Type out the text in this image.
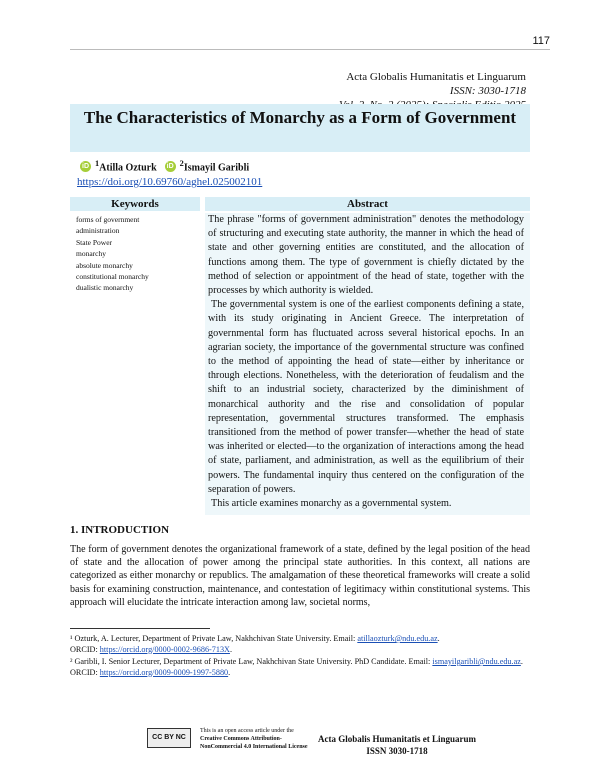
117
Acta Globalis Humanitatis et Linguarum
ISSN: 3030-1718
The Characteristics of Monarchy as a Form of Government
iD $^1$Atilla Ozturk iD $^2$Ismayil Garibli
https://doi.org/10.69760/aghel.025002101
Keywords	Abstract
forms of government
administration
State Power
monarchy
absolute monarchy
constitutional monarchy
dualistic monarchy

The phrase "forms of government administration" denotes the methodology of structuring and executing state authority, the manner in which the head of state and other governing entities are constituted, and the allocation of functions among them. The type of government is chiefly dictated by the method of selection or appointment of the head of state, together with the processes by which authority is wielded.

The governmental system is one of the earliest components defining a state, with its study originating in Ancient Greece. The interpretation of governmental form has fluctuated across several historical epochs. In an agrarian society, the importance of the governmental structure was confined to the method of appointing the head of state—either by inheritance or through elections. Nonetheless, with the deterioration of feudalism and the shift to an industrial society, characterized by the diminishment of monarchical authority and the rise and consolidation of popular representation, governmental structures transformed. The emphasis transitioned from the method of power transfer—whether the head of state was inherited or elected—to the organization of interactions among the head of state, parliament, and administration, as well as the equilibrium of their powers. The fundamental inquiry thus centered on the configuration of the separation of powers.

This article examines monarchy as a governmental system.

1. INTRODUCTION
The form of government denotes the organizational framework of a state, defined by the legal position of the head of state and the allocation of power among the principal state authorities. In this context, all nations are categorized as either monarchy or republics. The amalgamation of these theoretical frameworks will create a solid basis for examining construction, maintenance, and contestation of legitimacy within constitutional systems. This approach will elucidate the intricate interaction among law, societal norms,
¹ Ozturk, A. Lecturer, Department of Private Law, Nakhchivan State University. Email: atillaozturk@ndu.edu.az.
ORCID: https://orcid.org/0000-0002-9686-713X.
² Garibli, I. Senior Lecturer, Department of Private Law, Nakhchivan State University. PhD Candidate. Email: ismayilgaribli@ndu.edu.az. ORCID: https://orcid.org/0009-0009-1997-5880.
CC BY NC
This is an open access article under the
Creative Commons Attribution-
NonCommercial 4.0 International License
Acta Globalis Humanitatis et Linguarum
ISSN 3030-1718
